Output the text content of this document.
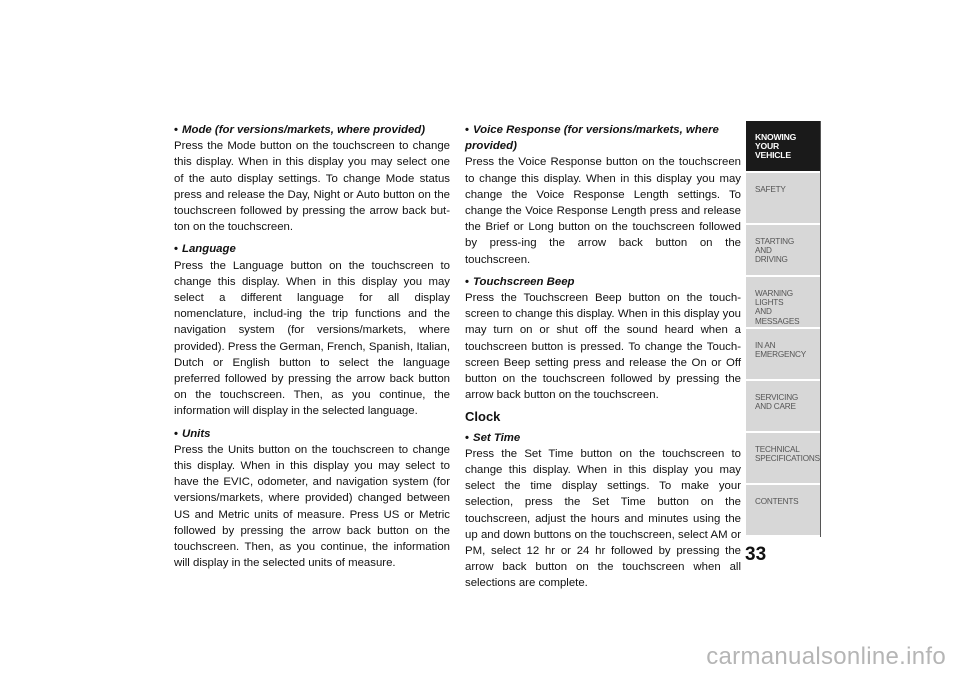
• Mode (for versions/markets, where provided)

Press the Mode button on the touchscreen to change this display. When in this display you may select one of the auto display settings. To change Mode status press and release the Day, Night or Auto button on the touchscreen followed by pressing the arrow back but-ton on the touchscreen.

• Language

Press the Language button on the touchscreen to change this display. When in this display you may select a different language for all display nomenclature, includ-ing the trip functions and the navigation system (for versions/markets, where provided). Press the German, French, Spanish, Italian, Dutch or English button to select the language preferred followed by pressing the arrow back button on the touchscreen. Then, as you continue, the information will display in the selected language.

• Units

Press the Units button on the touchscreen to change this display. When in this display you may select to have the EVIC, odometer, and navigation system (for versions/markets, where provided) changed between US and Metric units of measure. Press US or Metric followed by pressing the arrow back button on the touchscreen. Then, as you continue, the information will display in the selected units of measure.

• Voice Response (for versions/markets, where provided)

Press the Voice Response button on the touchscreen to change this display. When in this display you may change the Voice Response Length settings. To change the Voice Response Length press and release the Brief or Long button on the touchscreen followed by press-ing the arrow back button on the touchscreen.

• Touchscreen Beep

Press the Touchscreen Beep button on the touch-screen to change this display. When in this display you may turn on or shut off the sound heard when a touchscreen button is pressed. To change the Touch-screen Beep setting press and release the On or Off button on the touchscreen followed by pressing the arrow back button on the touchscreen.

Clock
• Set Time

Press the Set Time button on the touchscreen to change this display. When in this display you may select the time display settings. To make your selection, press the Set Time button on the touchscreen, adjust the hours and minutes using the up and down buttons on the touchscreen, select AM or PM, select 12 hr or 24 hr followed by pressing the arrow back button on the touchscreen when all selections are complete.

KNOWING
YOUR
VEHICLE
SAFETY
STARTING
AND
DRIVING
WARNING
LIGHTS
AND
MESSAGES
IN AN
EMERGENCY
SERVICING
AND CARE
TECHNICAL
SPECIFICATIONS
CONTENTS
33
carmanualsonline.info
